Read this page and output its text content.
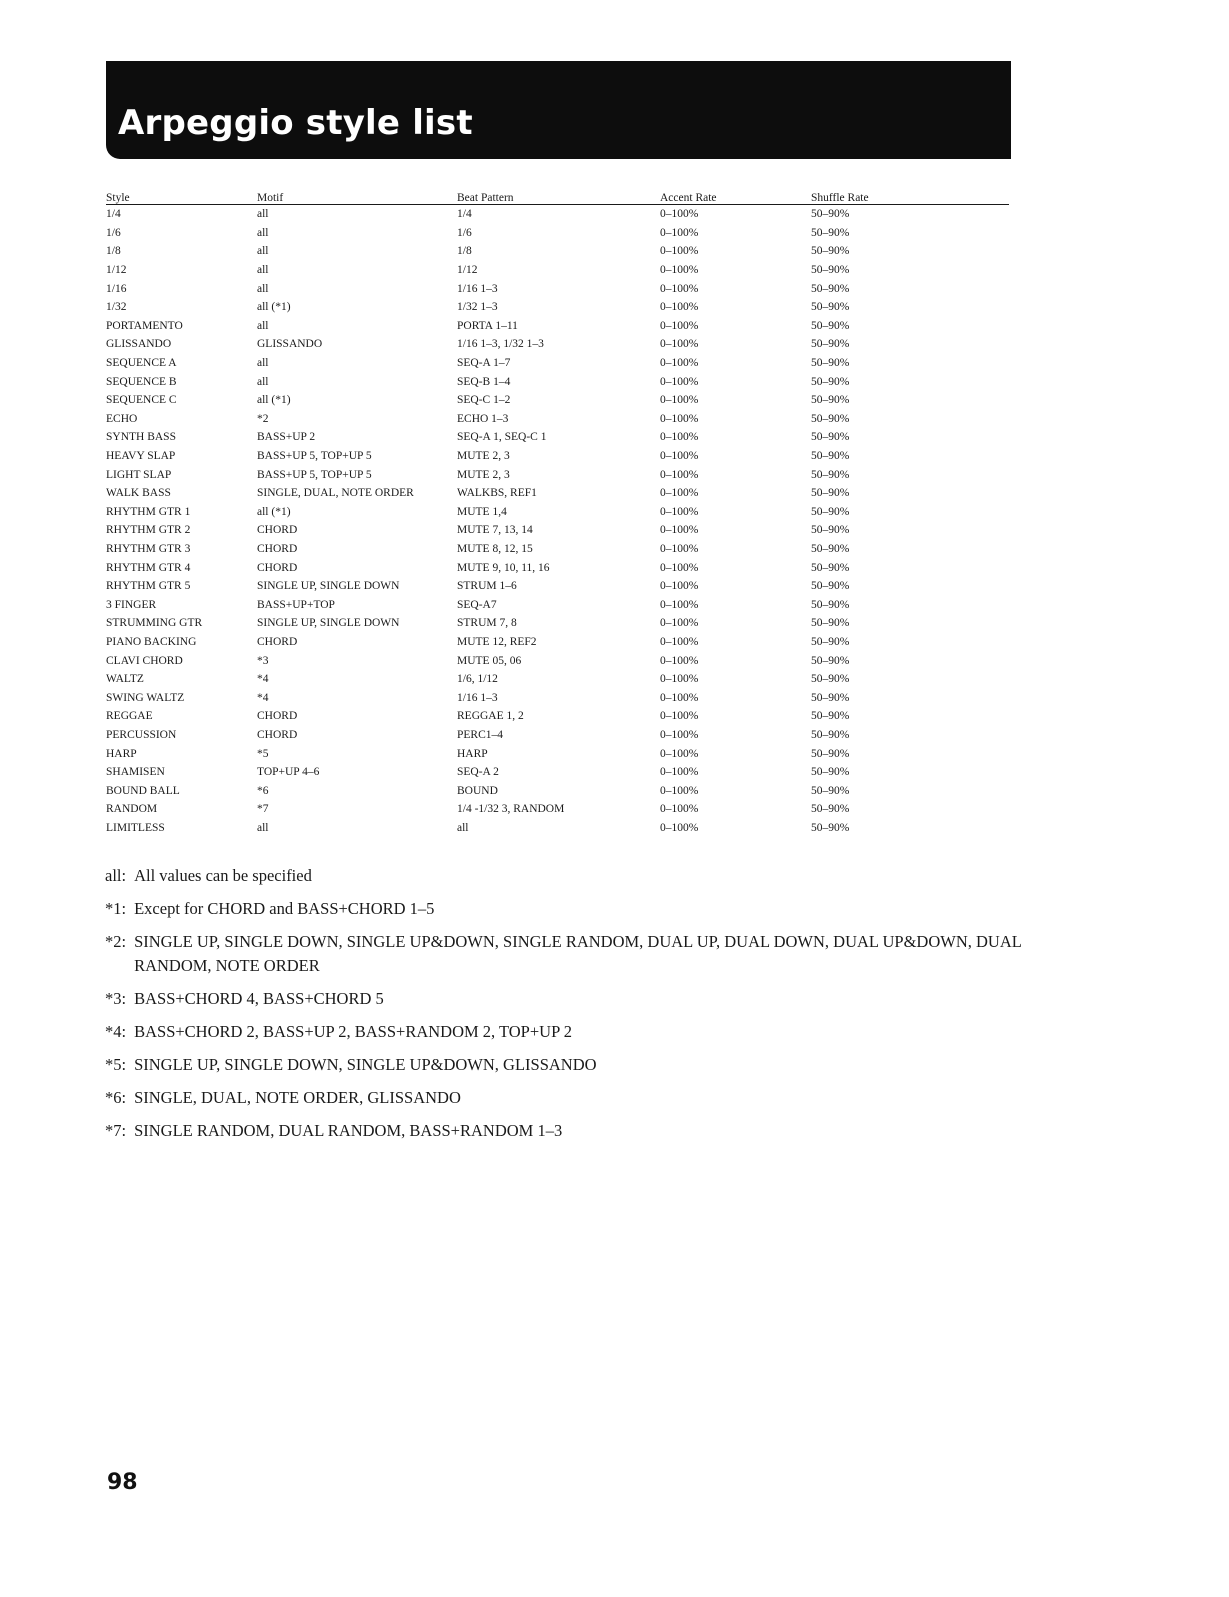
Arpeggio style list
Style	Motif	Beat Pattern	Accent Rate	Shuffle Rate
1/4	all	1/4	0–100%	50–90%
1/6	all	1/6	0–100%	50–90%
1/8	all	1/8	0–100%	50–90%
1/12	all	1/12	0–100%	50–90%
1/16	all	1/16 1–3	0–100%	50–90%
1/32	all (*1)	1/32 1–3	0–100%	50–90%
PORTAMENTO	all	PORTA 1–11	0–100%	50–90%
GLISSANDO	GLISSANDO	1/16 1–3, 1/32 1–3	0–100%	50–90%
SEQUENCE A	all	SEQ-A 1–7	0–100%	50–90%
SEQUENCE B	all	SEQ-B 1–4	0–100%	50–90%
SEQUENCE C	all (*1)	SEQ-C 1–2	0–100%	50–90%
ECHO	*2	ECHO 1–3	0–100%	50–90%
SYNTH BASS	BASS+UP 2	SEQ-A 1, SEQ-C 1	0–100%	50–90%
HEAVY SLAP	BASS+UP 5, TOP+UP 5	MUTE 2, 3	0–100%	50–90%
LIGHT SLAP	BASS+UP 5, TOP+UP 5	MUTE 2, 3	0–100%	50–90%
WALK BASS	SINGLE, DUAL, NOTE ORDER	WALKBS, REF1	0–100%	50–90%
RHYTHM GTR 1	all (*1)	MUTE 1,4	0–100%	50–90%
RHYTHM GTR 2	CHORD	MUTE 7, 13, 14	0–100%	50–90%
RHYTHM GTR 3	CHORD	MUTE 8, 12, 15	0–100%	50–90%
RHYTHM GTR 4	CHORD	MUTE 9, 10, 11, 16	0–100%	50–90%
RHYTHM GTR 5	SINGLE UP, SINGLE DOWN	STRUM 1–6	0–100%	50–90%
3 FINGER	BASS+UP+TOP	SEQ-A7	0–100%	50–90%
STRUMMING GTR	SINGLE UP, SINGLE DOWN	STRUM 7, 8	0–100%	50–90%
PIANO BACKING	CHORD	MUTE 12, REF2	0–100%	50–90%
CLAVI CHORD	*3	MUTE 05, 06	0–100%	50–90%
WALTZ	*4	1/6, 1/12	0–100%	50–90%
SWING WALTZ	*4	1/16 1–3	0–100%	50–90%
REGGAE	CHORD	REGGAE 1, 2	0–100%	50–90%
PERCUSSION	CHORD	PERC1–4	0–100%	50–90%
HARP	*5	HARP	0–100%	50–90%
SHAMISEN	TOP+UP 4–6	SEQ-A 2	0–100%	50–90%
BOUND BALL	*6	BOUND	0–100%	50–90%
RANDOM	*7	1/4 -1/32 3, RANDOM	0–100%	50–90%
LIMITLESS	all	all	0–100%	50–90%
all: All values can be specified
*1: Except for CHORD and BASS+CHORD 1–5
*2: SINGLE UP, SINGLE DOWN, SINGLE UP&DOWN, SINGLE RANDOM, DUAL UP, DUAL DOWN, DUAL UP&DOWN, DUAL RANDOM, NOTE ORDER
*3: BASS+CHORD 4, BASS+CHORD 5
*4: BASS+CHORD 2, BASS+UP 2, BASS+RANDOM 2, TOP+UP 2
*5: SINGLE UP, SINGLE DOWN, SINGLE UP&DOWN, GLISSANDO
*6: SINGLE, DUAL, NOTE ORDER, GLISSANDO
*7: SINGLE RANDOM, DUAL RANDOM, BASS+RANDOM 1–3
98
